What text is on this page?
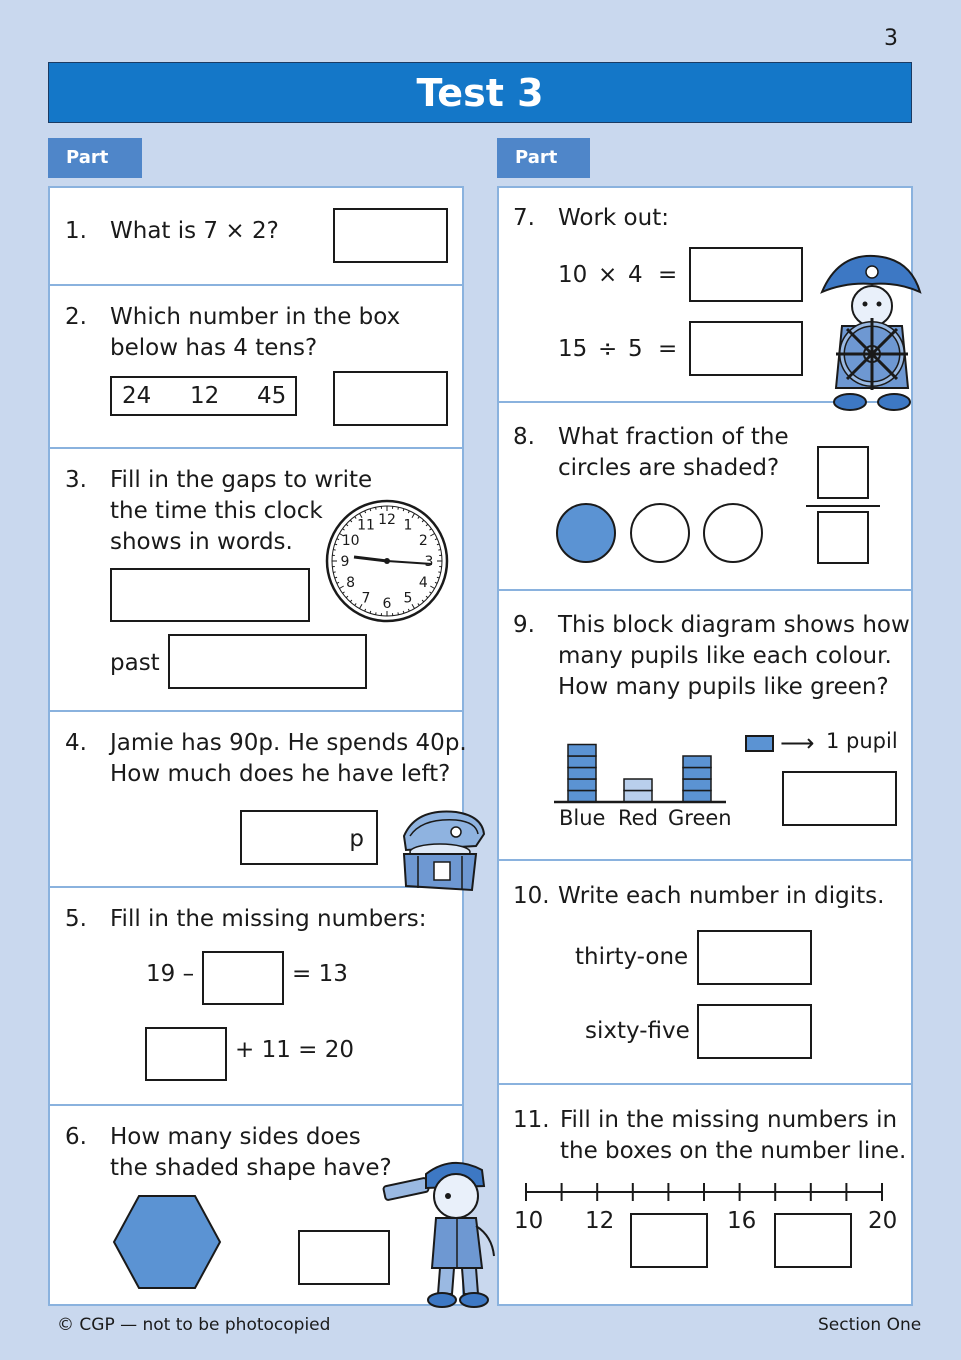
3
Test 3
Part	Part
1. What is 7 × 2?
2. Which number in the box
below has 4 tens?
24 12 45
3. Fill in the gaps to write
the time this clock
shows in words.
past
12 1
2
3
4
5
6
7
8
9
10
11
4. Jamie has 90p. He spends 40p.
How much does he have left?
p
5. Fill in the missing numbers:
19 –	= 13
+ 11 = 20
6. How many sides does
the shaded shape have?
7. Work out:
10 × 4 =
15 ÷ 5 =
8. What fraction of the
circles are shaded?
9. This block diagram shows how
many pupils like each colour.
How many pupils like green?
Blue Red Green
⟶ 1 pupil
10. Write each number in digits.
thirty-one
sixty-five
11. Fill in the missing numbers in
the boxes on the number line.
10 12	16	20
© CGP — not to be photocopied	Section One
